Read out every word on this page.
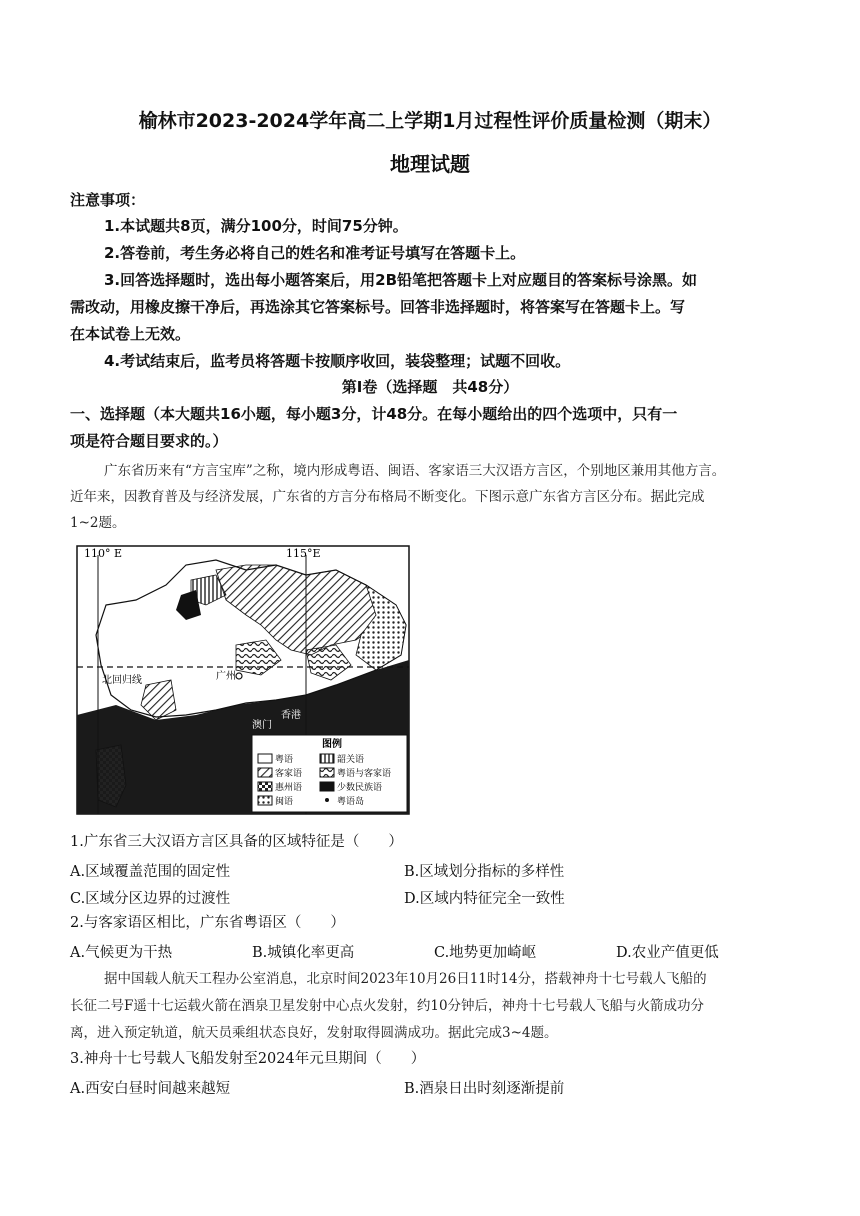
榆林市2023-2024学年高二上学期1月过程性评价质量检测（期末）
地理试题
注意事项：
1.本试题共8页，满分100分，时间75分钟。
2.答卷前，考生务必将自己的姓名和准考证号填写在答题卡上。
3.回答选择题时，选出每小题答案后，用2B铅笔把答题卡上对应题目的答案标号涂黑。如
需改动，用橡皮擦干净后，再选涂其它答案标号。回答非选择题时，将答案写在答题卡上。写
在本试卷上无效。
4.考试结束后，监考员将答题卡按顺序收回，装袋整理；试题不回收。
第Ⅰ卷（选择题　共48分）
一、选择题（本大题共16小题，每小题3分，计48分。在每小题给出的四个选项中，只有一
项是符合题目要求的。）
广东省历来有“方言宝库”之称，境内形成粤语、闽语、客家语三大汉语方言区，个别地区兼用其他方言。
近年来，因教育普及与经济发展，广东省的方言分布格局不断变化。下图示意广东省方言区分布。据此完成
1~2题。
110° E	115°E
北回归线	广州
香港
澳门
图例
粤语	韶关语
客家语	粤语与客家语
惠州语	少数民族语
闽语	粤语岛
1.广东省三大汉语方言区具备的区域特征是（　　）
A.区域覆盖范围的固定性	B.区域划分指标的多样性
C.区域分区边界的过渡性	D.区域内特征完全一致性
2.与客家语区相比，广东省粤语区（　　）
A.气候更为干热	B.城镇化率更高	C.地势更加崎岖	D.农业产值更低
据中国载人航天工程办公室消息，北京时间2023年10月26日11时14分，搭载神舟十七号载人飞船的
长征二号F遥十七运载火箭在酒泉卫星发射中心点火发射，约10分钟后，神舟十七号载人飞船与火箭成功分
离，进入预定轨道，航天员乘组状态良好，发射取得圆满成功。据此完成3~4题。
3.神舟十七号载人飞船发射至2024年元旦期间（　　）
A.西安白昼时间越来越短	B.酒泉日出时刻逐渐提前
